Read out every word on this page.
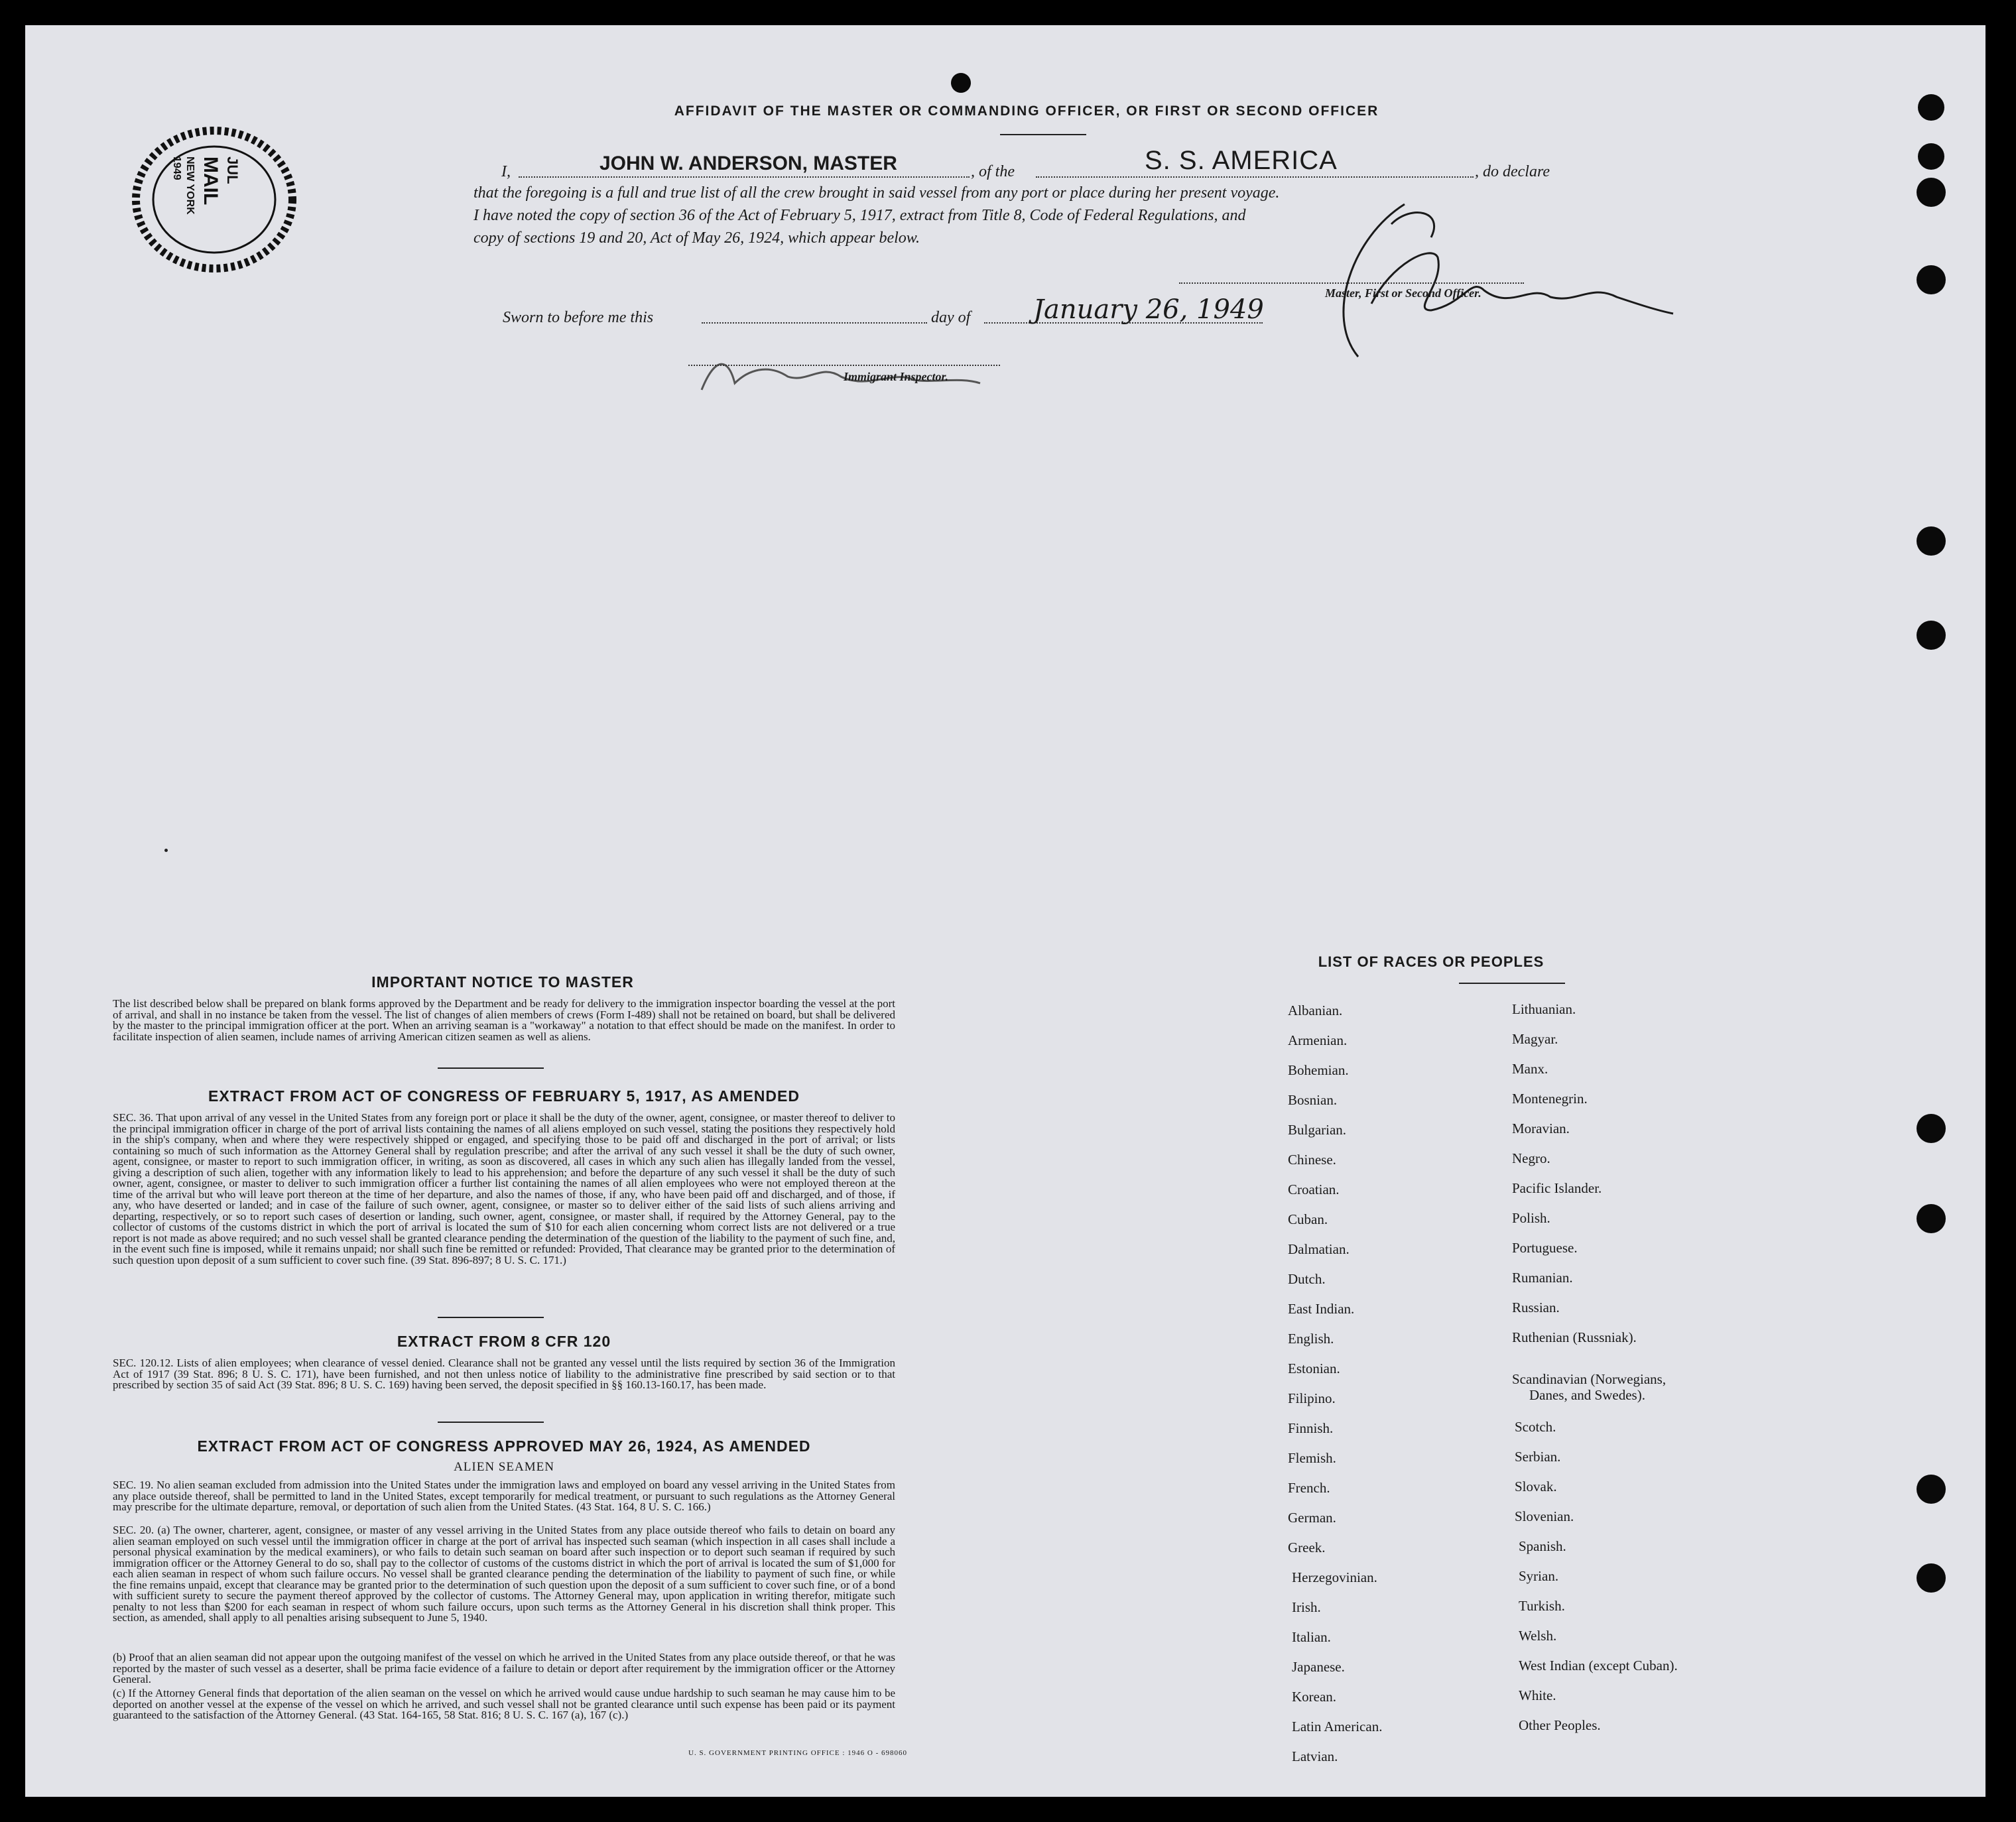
JUL
MAIL
NEW YORK
1949
AFFIDAVIT OF THE MASTER OR COMMANDING OFFICER, OR FIRST OR SECOND OFFICER
I,	JOHN W. ANDERSON, MASTER	, of the	S. S. AMERICA	, do declare
that the foregoing is a full and true list of all the crew brought in said vessel from any port or place during her present voyage.
I have noted the copy of section 36 of the Act of February 5, 1917, extract from Title 8, Code of Federal Regulations, and
copy of sections 19 and 20, Act of May 26, 1924, which appear below.
Master, First or Second Officer.
Sworn to before me this	day of January 26, 1949
Immigrant Inspector.
IMPORTANT NOTICE TO MASTER
The list described below shall be prepared on blank forms approved by the Department and be ready for delivery to the immigration inspector boarding the vessel at the port of arrival, and shall in no instance be taken from the vessel. The list of changes of alien members of crews (Form I-489) shall not be retained on board, but shall be delivered by the master to the principal immigration officer at the port. When an arriving seaman is a "workaway" a notation to that effect should be made on the manifest. In order to facilitate inspection of alien seamen, include names of arriving American citizen seamen as well as aliens.
EXTRACT FROM ACT OF CONGRESS OF FEBRUARY 5, 1917, AS AMENDED
SEC. 36. That upon arrival of any vessel in the United States from any foreign port or place it shall be the duty of the owner, agent, consignee, or master thereof to deliver to the principal immigration officer in charge of the port of arrival lists containing the names of all aliens employed on such vessel, stating the positions they respectively hold in the ship's company, when and where they were respectively shipped or engaged, and specifying those to be paid off and discharged in the port of arrival; or lists containing so much of such information as the Attorney General shall by regulation prescribe; and after the arrival of any such vessel it shall be the duty of such owner, agent, consignee, or master to report to such immigration officer, in writing, as soon as discovered, all cases in which any such alien has illegally landed from the vessel, giving a description of such alien, together with any information likely to lead to his apprehension; and before the departure of any such vessel it shall be the duty of such owner, agent, consignee, or master to deliver to such immigration officer a further list containing the names of all alien employees who were not employed thereon at the time of the arrival but who will leave port thereon at the time of her departure, and also the names of those, if any, who have been paid off and discharged, and of those, if any, who have deserted or landed; and in case of the failure of such owner, agent, consignee, or master so to deliver either of the said lists of such aliens arriving and departing, respectively, or so to report such cases of desertion or landing, such owner, agent, consignee, or master shall, if required by the Attorney General, pay to the collector of customs of the customs district in which the port of arrival is located the sum of $10 for each alien concerning whom correct lists are not delivered or a true report is not made as above required; and no such vessel shall be granted clearance pending the determination of the question of the liability to the payment of such fine, and, in the event such fine is imposed, while it remains unpaid; nor shall such fine be remitted or refunded: Provided, That clearance may be granted prior to the determination of such question upon deposit of a sum sufficient to cover such fine. (39 Stat. 896-897; 8 U. S. C. 171.)
EXTRACT FROM 8 CFR 120
SEC. 120.12. Lists of alien employees; when clearance of vessel denied. Clearance shall not be granted any vessel until the lists required by section 36 of the Immigration Act of 1917 (39 Stat. 896; 8 U. S. C. 171), have been furnished, and not then unless notice of liability to the administrative fine prescribed by said section or to that prescribed by section 35 of said Act (39 Stat. 896; 8 U. S. C. 169) having been served, the deposit specified in §§ 160.13-160.17, has been made.
EXTRACT FROM ACT OF CONGRESS APPROVED MAY 26, 1924, AS AMENDED
ALIEN SEAMEN
SEC. 19. No alien seaman excluded from admission into the United States under the immigration laws and employed on board any vessel arriving in the United States from any place outside thereof, shall be permitted to land in the United States, except temporarily for medical treatment, or pursuant to such regulations as the Attorney General may prescribe for the ultimate departure, removal, or deportation of such alien from the United States. (43 Stat. 164, 8 U. S. C. 166.)
SEC. 20. (a) The owner, charterer, agent, consignee, or master of any vessel arriving in the United States from any place outside thereof who fails to detain on board any alien seaman employed on such vessel until the immigration officer in charge at the port of arrival has inspected such seaman (which inspection in all cases shall include a personal physical examination by the medical examiners), or who fails to detain such seaman on board after such inspection or to deport such seaman if required by such immigration officer or the Attorney General to do so, shall pay to the collector of customs of the customs district in which the port of arrival is located the sum of $1,000 for each alien seaman in respect of whom such failure occurs. No vessel shall be granted clearance pending the determination of the liability to payment of such fine, or while the fine remains unpaid, except that clearance may be granted prior to the determination of such question upon the deposit of a sum sufficient to cover such fine, or of a bond with sufficient surety to secure the payment thereof approved by the collector of customs. The Attorney General may, upon application in writing therefor, mitigate such penalty to not less than $200 for each seaman in respect of whom such failure occurs, upon such terms as the Attorney General in his discretion shall think proper. This section, as amended, shall apply to all penalties arising subsequent to June 5, 1940.
(b) Proof that an alien seaman did not appear upon the outgoing manifest of the vessel on which he arrived in the United States from any place outside thereof, or that he was reported by the master of such vessel as a deserter, shall be prima facie evidence of a failure to detain or deport after requirement by the immigration officer or the Attorney General.
(c) If the Attorney General finds that deportation of the alien seaman on the vessel on which he arrived would cause undue hardship to such seaman he may cause him to be deported on another vessel at the expense of the vessel on which he arrived, and such vessel shall not be granted clearance until such expense has been paid or its payment guaranteed to the satisfaction of the Attorney General. (43 Stat. 164-165, 58 Stat. 816; 8 U. S. C. 167 (a), 167 (c).)
U. S. GOVERNMENT PRINTING OFFICE : 1946 O - 698060
LIST OF RACES OR PEOPLES
Albanian.
Armenian.
Bohemian.
Bosnian.
Bulgarian.
Chinese.
Croatian.
Cuban.
Dalmatian.
Dutch.
East Indian.
English.
Estonian.
Filipino.
Finnish.
Flemish.
French.
German.
Greek.
Herzegovinian.
Irish.
Italian.
Japanese.
Korean.
Latin American.
Latvian.
Lithuanian.
Magyar.
Manx.
Montenegrin.
Moravian.
Negro.
Pacific Islander.
Polish.
Portuguese.
Rumanian.
Russian.
Ruthenian (Russniak).
Scandinavian (Norwegians,
Danes, and Swedes).
Scotch.
Serbian.
Slovak.
Slovenian.
Spanish.
Syrian.
Turkish.
Welsh.
West Indian (except Cuban).
White.
Other Peoples.
